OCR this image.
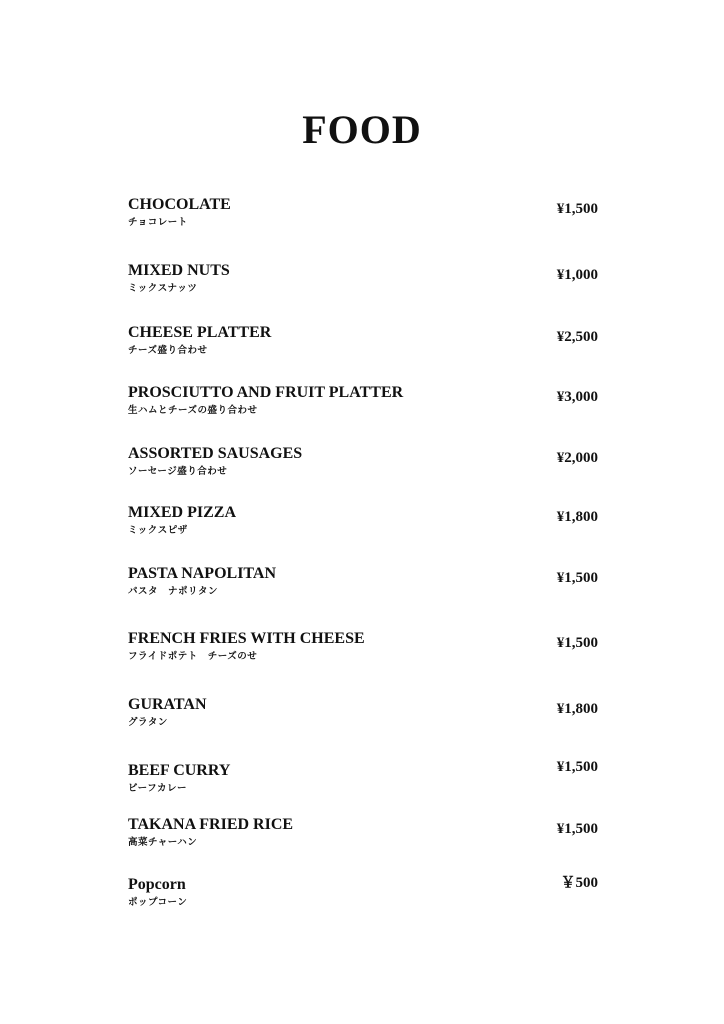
FOOD
CHOCOLATE
チョコレート
¥1,500
MIXED NUTS
ミックスナッツ
¥1,000
CHEESE PLATTER
チーズ盛り合わせ
¥2,500
PROSCIUTTO AND FRUIT PLATTER
生ハムとチーズの盛り合わせ
¥3,000
ASSORTED SAUSAGES
ソーセージ盛り合わせ
¥2,000
MIXED PIZZA
ミックスピザ
¥1,800
PASTA NAPOLITAN
パスタ　ナポリタン
¥1,500
FRENCH FRIES WITH CHEESE
フライドポテト　チーズのせ
¥1,500
GURATAN
グラタン
¥1,800
BEEF CURRY
ビーフカレー
¥1,500
TAKANA FRIED RICE
高菜チャーハン
¥1,500
Popcorn
ポップコーン
￥500
